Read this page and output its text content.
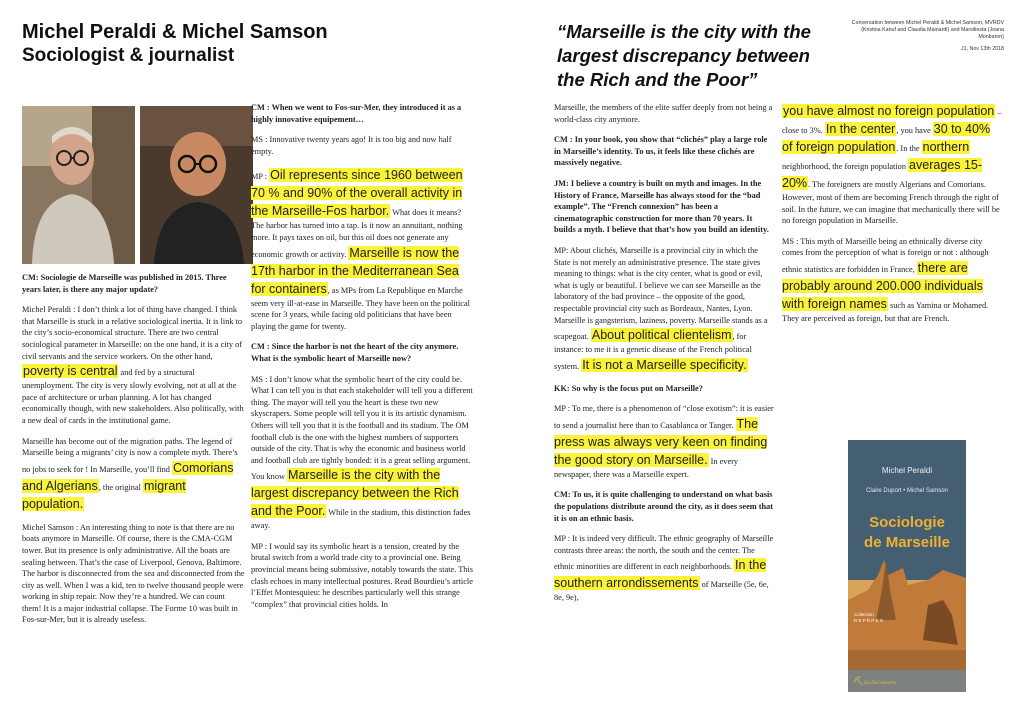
Michel Peraldi & Michel Samson
Sociologist & journalist
“Marseille is the city with the largest discrepancy between the Rich and the Poor”
Conversation between Michel Peraldi & Michel Samson, MVRDV (Kristina Kanuf and Claudia Mainardi) and Marsiliesta (Joana Monbaron)
J1, Nov 13th 2018

CM: Sociologie de Marseille was published in 2015. Three years later, is there any major update?

Michel Peraldi : I don’t think a lot of thing have changed. I think that Marseille is stuck in a relative sociological inertia. It is link to the city’s socio-economical structure. There are two central sociological parameter in Marseille: on the one hand, it is a city of civil servants and the service workers. On the other hand, poverty is central and fed by a structural unemployment. The city is very slowly evolving, not at all at the pace of architecture or urban planning. A lot has changed economically though, with new stakeholders. Also politically, with a new deal of cards in the institutional game.

Marseille has become out of the migration paths. The legend of Marseille being a migrants’ city is now a complete myth. There’s no jobs to seek for ! In Marseille, you’ll find Comorians and Algerians, the original migrant population.

Michel Samson : An interesting thing to note is that there are no boats anymore in Marseille. Of course, there is the CMA-CGM tower. But its presence is only administrative. All the boats are sealing between. That’s the case of Liverpool, Genova, Baltimore. The harbor is disconnected from the sea and disconnected from the city as well. When I was a kid, ten to twelve thousand people were working in ship repair. Now they’re a hundred. We can count them! It is a major industrial collapse. The Forme 10 was built in Fos-sur-Mer, but it is already useless.

CM : When we went to Fos-sur-Mer, they introduced it as a highly innovative equipement…

MS : Innovative twenty years ago! It is too big and now half empty.

MP : Oil represents since 1960 between 70 % and 90% of the overall activity in the Marseille-Fos harbor. What does it means? The harbor has turned into a tap. Is it now an annuitant, nothing more. It pays taxes on oil, but this oil does not generate any economic growth or activity. Marseille is now the 17th harbor in the Mediterranean Sea for containers, as MPs from La Republique en Marche seem very ill-at-ease in Marseille. They have been on the political scene for 3 years, while facing old politicians that have been playing the game for twenty.

CM : Since the harbor is not the heart of the city anymore. What is the symbolic heart of Marseille now?

MS : I don’t know what the symbolic heart of the city could be. What I can tell you is that each stakeholder will tell you a different thing. The mayor will tell you the heart is these two new skyscrapers. Some people will tell you it is its artistic dynamism. Others will tell you that it is the football and its stadium. The OM football club is the one with the highest numbers of supporters outside of the city. That is why the economic and business world and football club are tightly bonded: it is a great selling argument. You know Marseille is the city with the largest discrepancy between the Rich and the Poor. While in the stadium, this distinction fades away.

MP : I would say its symbolic heart is a tension, created by the brutal switch from a world trade city to a provincial one. Being provincial means being submissive, notably towards the state. This clash echoes in many intellectual postures. Read Bourdieu’s article l’Effet Montesquieu: he describes particularly well this strange “complex” that provincial cities holds. In

Marseille, the members of the elite suffer deeply from not being a world-class city anymore.

CM : In your book, you show that “clichés” play a large role in Marseille’s identity. To us, it feels like these clichés are massively negative.

JM: I believe a country is built on myth and images. In the History of France, Marseille has always stood for the “bad example”. The “French connexion” has been a cinematographic construction for more than 70 years. It builds a myth. I believe that that’s how you build an identity.

MP: About clichés, Marseille is a provincial city in which the State is not merely an administrative presence. The state gives meaning to things: what is the city center, what is good or evil, what is ugly or beautiful. I believe we can see Marseille as the laboratory of the bad province – the opposite of the good, respectable provincial city such as Bordeaux, Nantes, Lyon. Marseille is gangsterism, laziness, poverty. Marseille stands as a scapegoat. About political clientelism, for instance: to me it is a genetic disease of the French political system. It is not a Marseille specificity.

KK: So why is the focus put on Marseille?

MP : To me, there is a phenomenon of “close exotism”: it is easier to send a journalist here than to Casablanca or Tanger. The press was always very keen on finding the good story on Marseille. In every newspaper, there was a Marseille expert.

CM: To us, it is quite challenging to understand on what basis the populations distribute around the city, as it does seem that it is on an ethnic basis.

MP : It is indeed very difficult. The ethnic geography of Marseille contrasts three areas: the north, the south and the center. The ethnic minorities are different in each neighborhoods. In the southern arrondissements of Marseille (5e, 6e, 8e, 9e),

you have almost no foreign population – close to 3%. In the center, you have 30 to 40% of foreign population. In the northern neighborhood, the foreign population averages 15-20%. The foreigners are mostly Algerians and Comorians. However, most of them are becoming French through the right of soil. In the future, we can imagine that mechanically there will be no foreign population in Marseille.

MS : This myth of Marseille being an ethnically diverse city comes from the perception of what is foreign or not : although ethnic statistics are forbidden in France, there are probably around 200.000 individuals with foreign names such as Yamina or Mohamed. They are perceived as foreign, but that are French.

Michel Peraldi
Claire Duport • Michel Samson
Sociologie
de Marseille
Collection
R E P È R E S
⛏ La Découverte
